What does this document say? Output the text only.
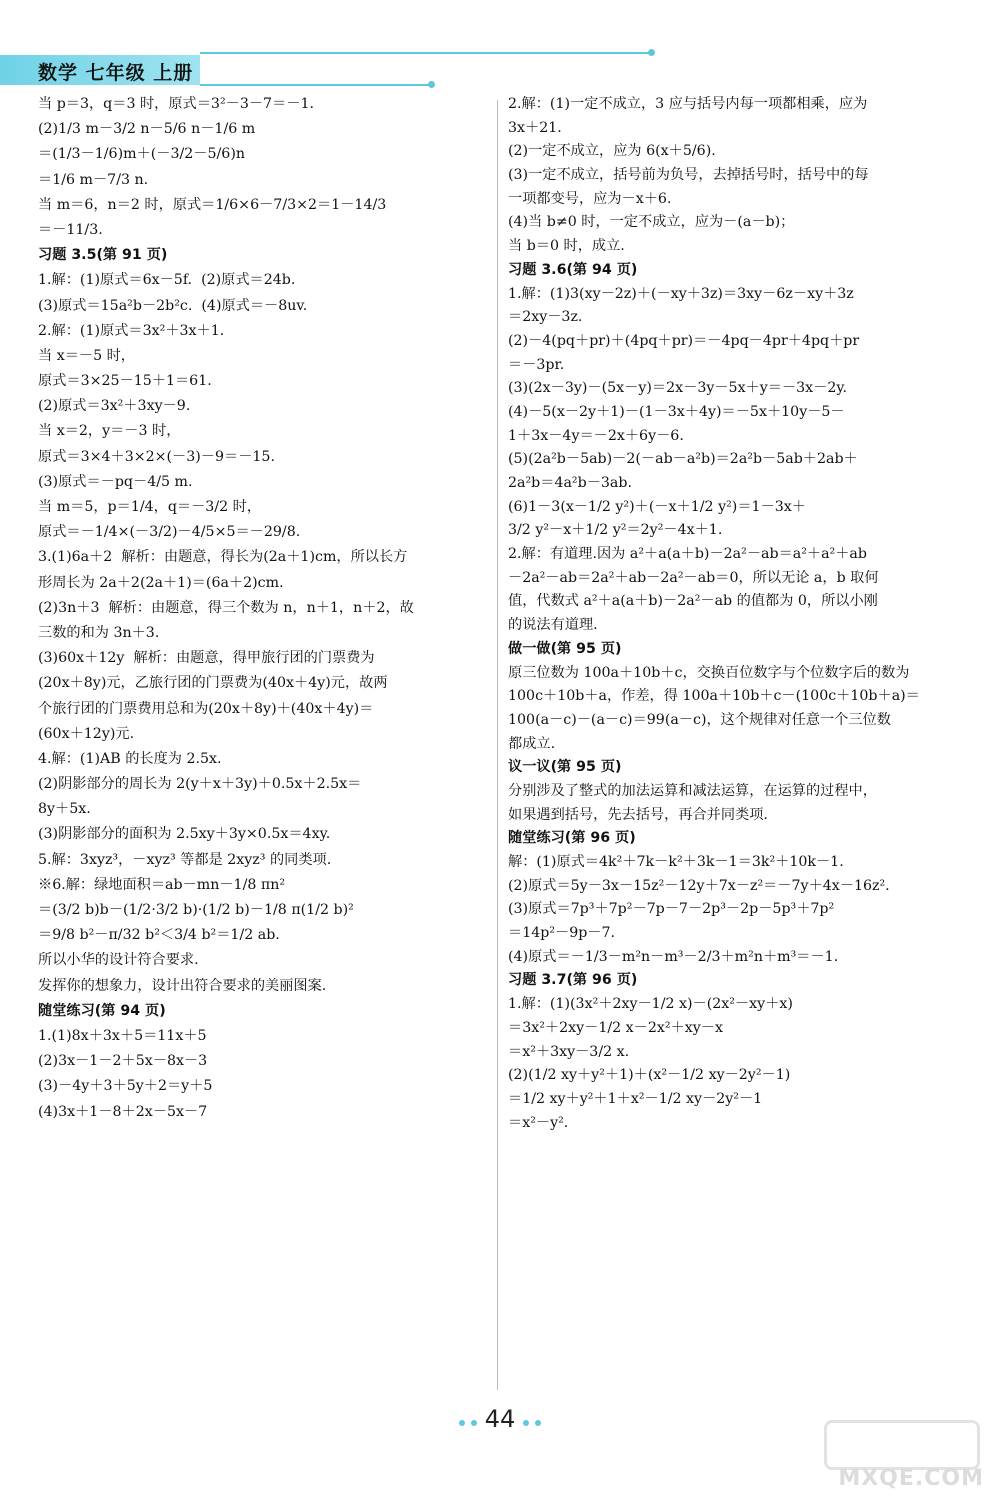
数学 七年级 上册
当 p＝3，q＝3 时，原式＝3²－3－7＝－1.
(2)1/3 m－3/2 n－5/6 n－1/6 m
＝(1/3－1/6)m＋(－3/2－5/6)n
＝1/6 m－7/3 n.
当 m＝6，n＝2 时，原式＝1/6×6－7/3×2＝1－14/3
＝－11/3.
习题 3.5(第 91 页)
1.解：(1)原式＝6x－5f.  (2)原式＝24b.
(3)原式＝15a²b－2b²c.  (4)原式＝－8uv.
2.解：(1)原式＝3x²＋3x＋1.
当 x＝－5 时，
原式＝3×25－15＋1＝61.
(2)原式＝3x²＋3xy－9.
当 x＝2，y＝－3 时，
原式＝3×4＋3×2×(－3)－9＝－15.
(3)原式＝－pq－4/5 m.
当 m＝5，p＝1/4，q＝－3/2 时，
原式＝－1/4×(－3/2)－4/5×5＝－29/8.
3.(1)6a＋2  解析：由题意，得长为(2a＋1)cm，所以长方
形周长为 2a＋2(2a＋1)＝(6a＋2)cm.
(2)3n＋3  解析：由题意，得三个数为 n，n＋1，n＋2，故
三数的和为 3n＋3.
(3)60x＋12y  解析：由题意，得甲旅行团的门票费为
(20x＋8y)元，乙旅行团的门票费为(40x＋4y)元，故两
个旅行团的门票费用总和为(20x＋8y)＋(40x＋4y)＝
(60x＋12y)元.
4.解：(1)AB 的长度为 2.5x.
(2)阴影部分的周长为 2(y＋x＋3y)＋0.5x＋2.5x＝
8y＋5x.
(3)阴影部分的面积为 2.5xy＋3y×0.5x＝4xy.
5.解：3xyz³，－xyz³ 等都是 2xyz³ 的同类项.
※6.解：绿地面积＝ab－mn－1/8 πn²
＝(3/2 b)b－(1/2·3/2 b)·(1/2 b)－1/8 π(1/2 b)²
＝9/8 b²－π/32 b²＜3/4 b²＝1/2 ab.
所以小华的设计符合要求.
发挥你的想象力，设计出符合要求的美丽图案.
随堂练习(第 94 页)
1.(1)8x＋3x＋5＝11x＋5
(2)3x－1－2＋5x－8x－3
(3)－4y＋3＋5y＋2＝y＋5
(4)3x＋1－8＋2x－5x－7
2.解：(1)一定不成立，3 应与括号内每一项都相乘，应为
3x＋21.
(2)一定不成立，应为 6(x＋5/6).
(3)一定不成立，括号前为负号，去掉括号时，括号中的每
一项都变号，应为－x＋6.
(4)当 b≠0 时，一定不成立，应为－(a－b)；
当 b＝0 时，成立.
习题 3.6(第 94 页)
1.解：(1)3(xy－2z)＋(－xy＋3z)＝3xy－6z－xy＋3z
＝2xy－3z.
(2)－4(pq＋pr)＋(4pq＋pr)＝－4pq－4pr＋4pq＋pr
＝－3pr.
(3)(2x－3y)－(5x－y)＝2x－3y－5x＋y＝－3x－2y.
(4)－5(x－2y＋1)－(1－3x＋4y)＝－5x＋10y－5－
1＋3x－4y＝－2x＋6y－6.
(5)(2a²b－5ab)－2(－ab－a²b)＝2a²b－5ab＋2ab＋
2a²b＝4a²b－3ab.
(6)1－3(x－1/2 y²)＋(－x＋1/2 y²)＝1－3x＋
3/2 y²－x＋1/2 y²＝2y²－4x＋1.
2.解：有道理.因为 a²＋a(a＋b)－2a²－ab＝a²＋a²＋ab
－2a²－ab＝2a²＋ab－2a²－ab＝0，所以无论 a，b 取何
值，代数式 a²＋a(a＋b)－2a²－ab 的值都为 0，所以小刚
的说法有道理.
做一做(第 95 页)
原三位数为 100a＋10b＋c，交换百位数字与个位数字后的数为
100c＋10b＋a，作差，得 100a＋10b＋c－(100c＋10b＋a)＝
100(a－c)－(a－c)＝99(a－c)，这个规律对任意一个三位数
都成立.
议一议(第 95 页)
分别涉及了整式的加法运算和减法运算，在运算的过程中，
如果遇到括号，先去括号，再合并同类项.
随堂练习(第 96 页)
解：(1)原式＝4k²＋7k－k²＋3k－1＝3k²＋10k－1.
(2)原式＝5y－3x－15z²－12y＋7x－z²＝－7y＋4x－16z².
(3)原式＝7p³＋7p²－7p－7－2p³－2p－5p³＋7p²
＝14p²－9p－7.
(4)原式＝－1/3－m²n－m³－2/3＋m²n＋m³＝－1.
习题 3.7(第 96 页)
1.解：(1)(3x²＋2xy－1/2 x)－(2x²－xy＋x)
＝3x²＋2xy－1/2 x－2x²＋xy－x
＝x²＋3xy－3/2 x.
(2)(1/2 xy＋y²＋1)＋(x²－1/2 xy－2y²－1)
＝1/2 xy＋y²＋1＋x²－1/2 xy－2y²－1
＝x²－y².
44
MXQE.COM
